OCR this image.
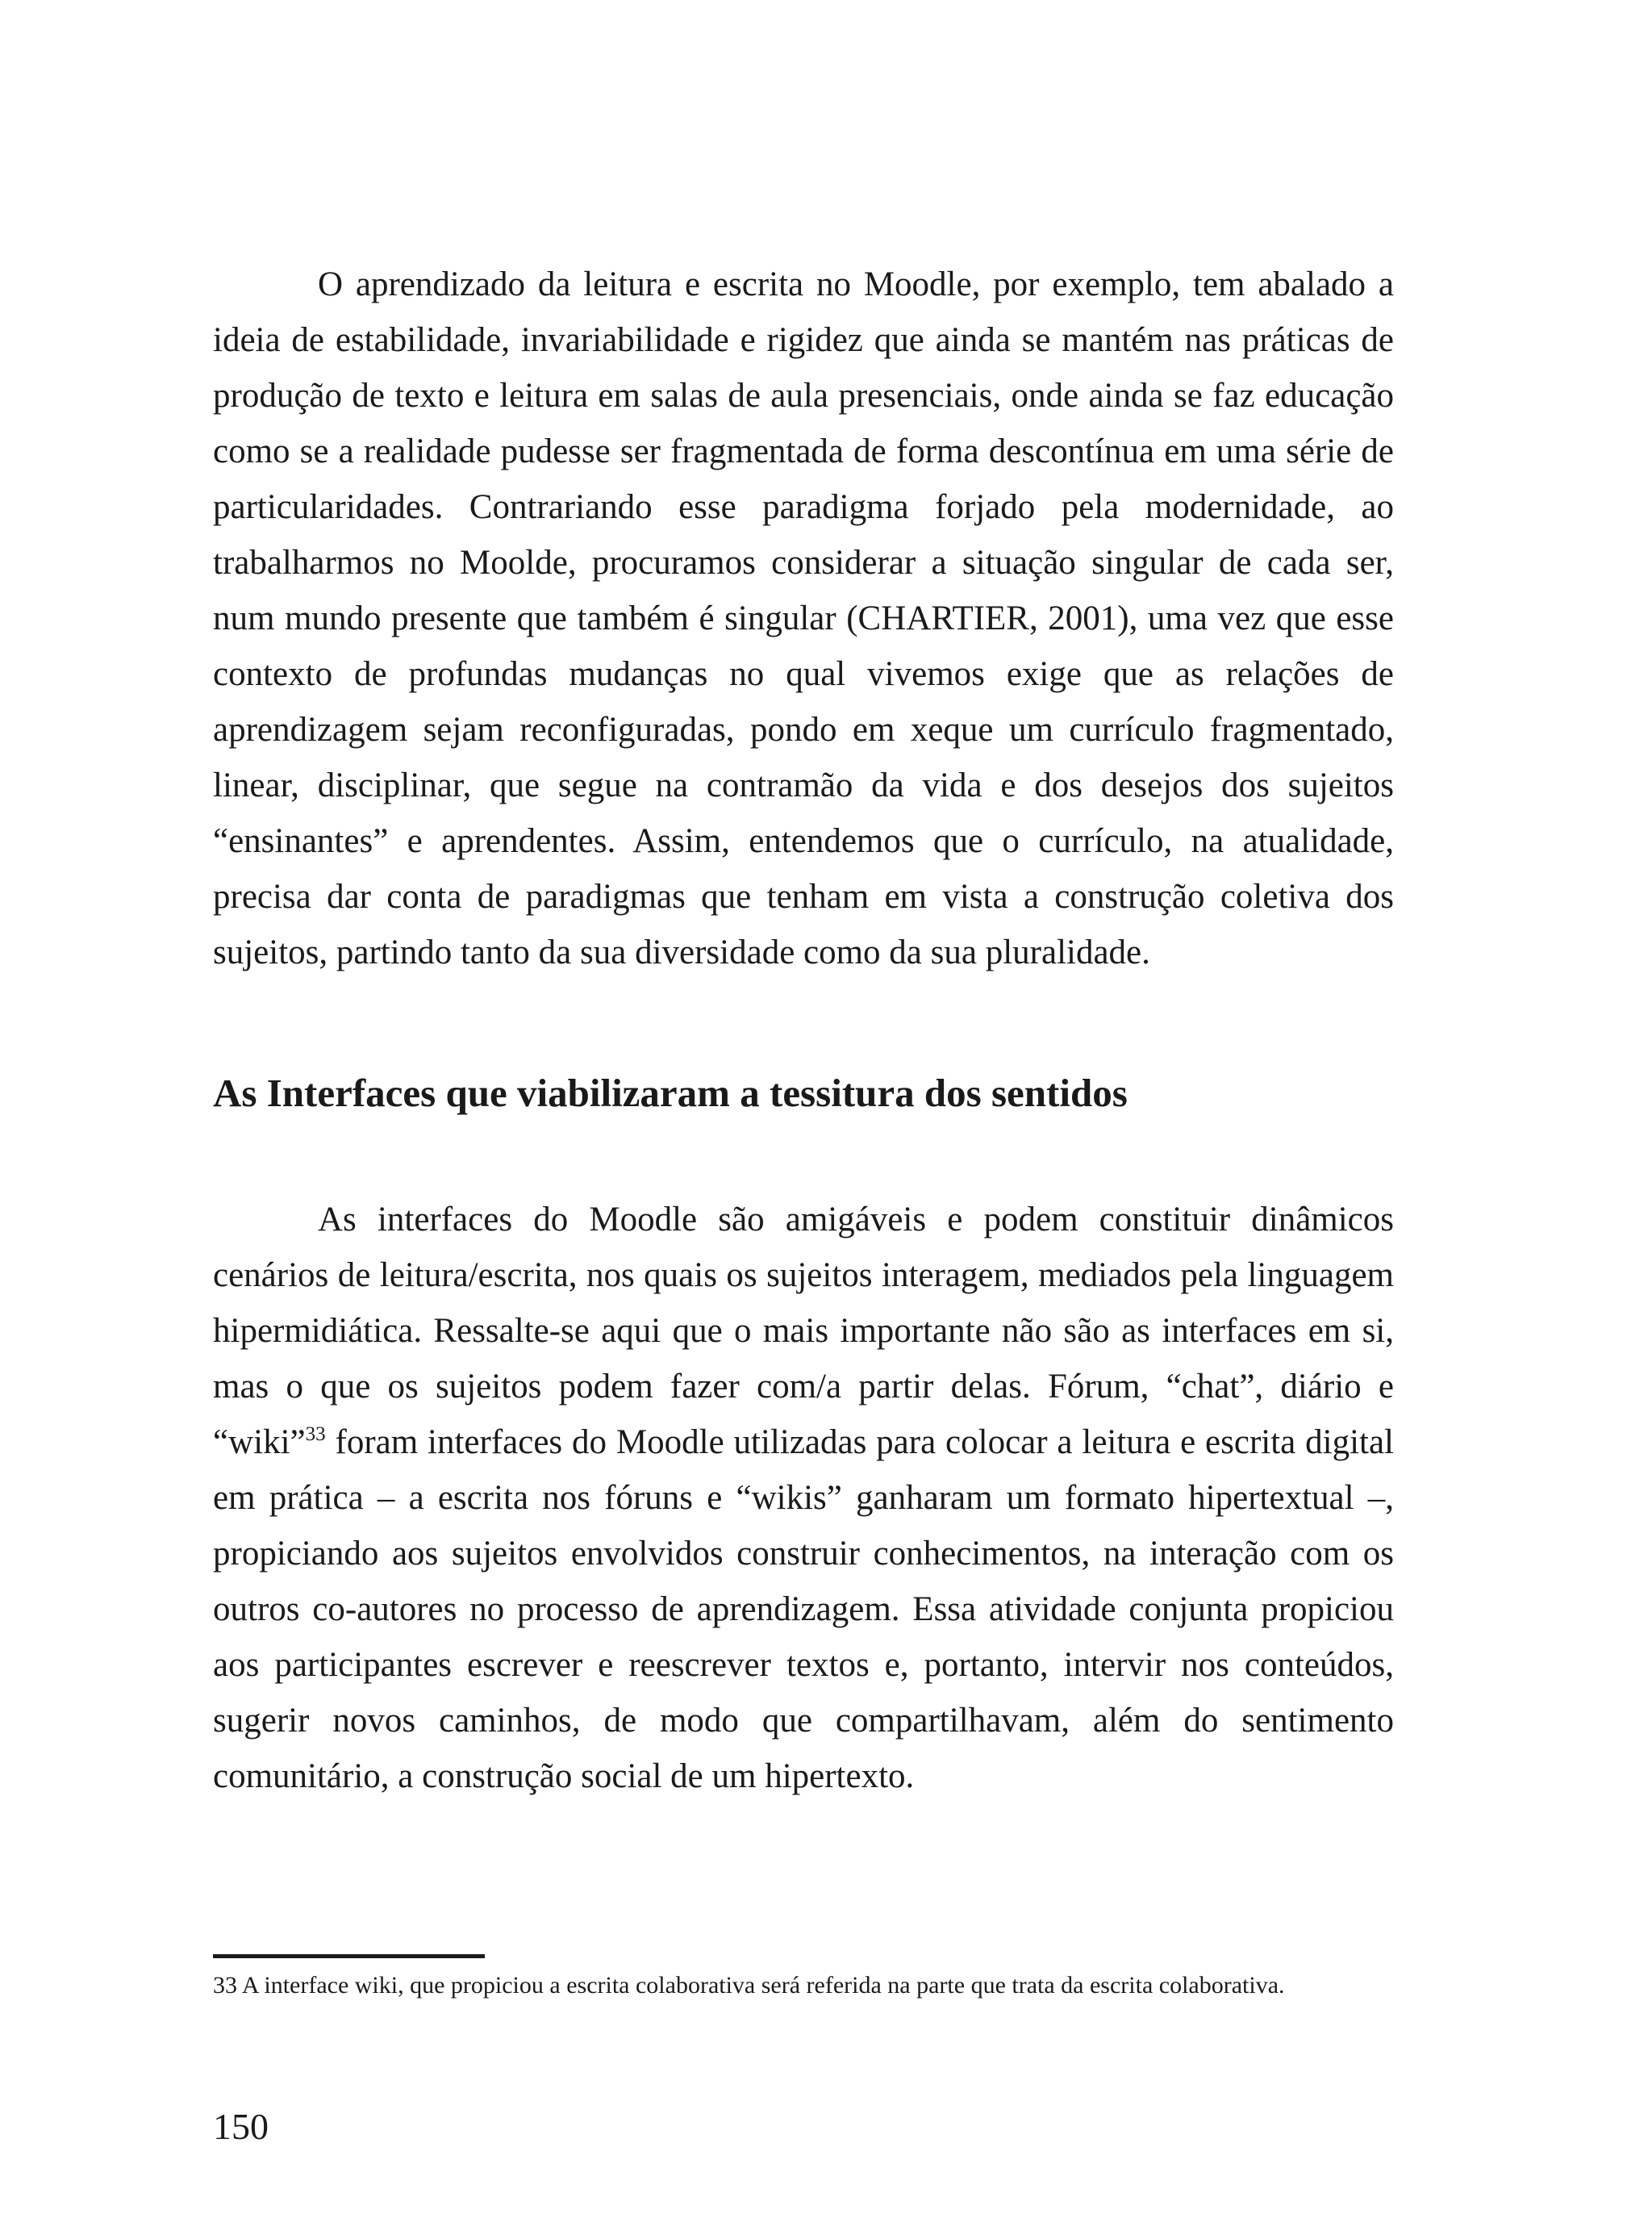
O aprendizado da leitura e escrita no Moodle, por exemplo, tem abalado a ideia de estabilidade, invariabilidade e rigidez que ainda se mantém nas práticas de produção de texto e leitura em salas de aula presenciais, onde ainda se faz educação como se a realidade pudesse ser fragmentada de forma descontínua em uma série de particularidades. Contrariando esse paradigma forjado pela modernidade, ao trabalharmos no Moolde, procuramos considerar a situação singular de cada ser, num mundo presente que também é singular (CHARTIER, 2001), uma vez que esse contexto de profundas mudanças no qual vivemos exige que as relações de aprendizagem sejam reconfiguradas, pondo em xeque um currículo fragmentado, linear, disciplinar, que segue na contramão da vida e dos desejos dos sujeitos “ensinantes” e aprendentes. Assim, entendemos que o currículo, na atualidade, precisa dar conta de paradigmas que tenham em vista a construção coletiva dos sujeitos, partindo tanto da sua diversidade como da sua pluralidade.

As Interfaces que viabilizaram a tessitura dos sentidos

As interfaces do Moodle são amigáveis e podem constituir dinâmicos cenários de leitura/escrita, nos quais os sujeitos interagem, mediados pela linguagem hipermidiática. Ressalte-se aqui que o mais importante não são as interfaces em si, mas o que os sujeitos podem fazer com/a partir delas. Fórum, “chat”, diário e “wiki”$^{33}$ foram interfaces do Moodle utilizadas para colocar a leitura e escrita digital em prática – a escrita nos fóruns e “wikis” ganharam um formato hipertextual –, propiciando aos sujeitos envolvidos construir conhecimentos, na interação com os outros co-autores no processo de aprendizagem. Essa atividade conjunta propiciou aos participantes escrever e reescrever textos e, portanto, intervir nos conteúdos, sugerir novos caminhos, de modo que compartilhavam, além do sentimento comunitário, a construção social de um hipertexto.

33 A interface wiki, que propiciou a escrita colaborativa será referida na parte que trata da escrita colaborativa.

150
